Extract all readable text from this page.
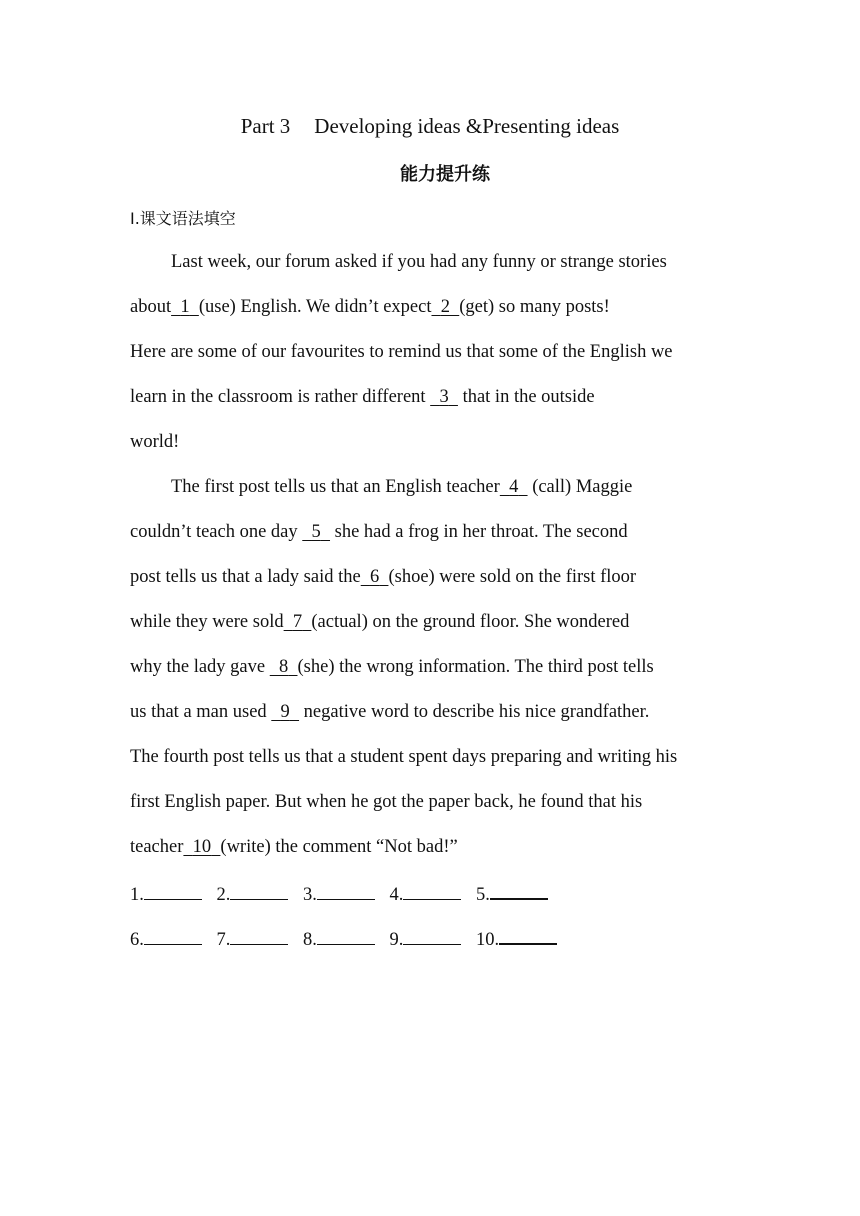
Part 3 Developing ideas &Presenting ideas
能力提升练
I.课文语法填空
Last week, our forum asked if you had any funny or strange stories
about 1 (use) English. We didn’t expect 2 (get) so many posts!
Here are some of our favourites to remind us that some of the English we
learn in the classroom is rather different 3 that in the outside
world!
The first post tells us that an English teacher 4 (call) Maggie
couldn’t teach one day 5 she had a frog in her throat. The second
post tells us that a lady said the 6 (shoe) were sold on the first floor
while they were sold 7 (actual) on the ground floor. She wondered
why the lady gave 8 (she) the wrong information. The third post tells
us that a man used 9 negative word to describe his nice grandfather.
The fourth post tells us that a student spent days preparing and writing his
first English paper. But when he got the paper back, he found that his
teacher 10 (write) the comment “Not bad!”
1.	2.	3.	4.	5.
6.	7.	8.	9.	10.
